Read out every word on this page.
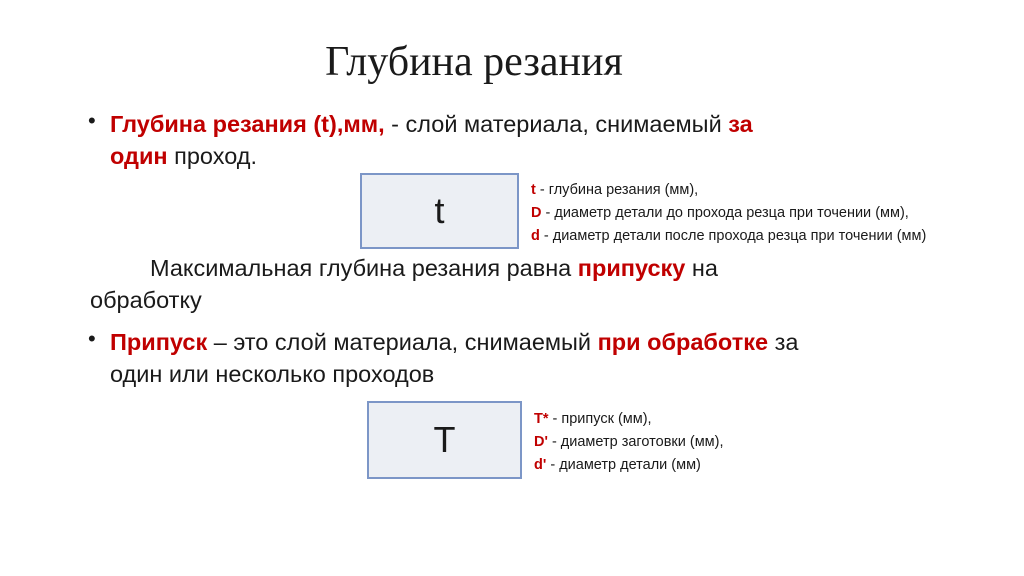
Глубина резания
• Глубина резания (t),мм, - слой материала, снимаемый за
один проход.
t	t - глубина резания (мм),
D - диаметр детали до прохода резца при точении (мм),
d - диаметр детали после прохода резца при точении (мм)
Максимальная глубина резания равна припуску на
обработку
• Припуск – это слой материала, снимаемый при обработке за
один или несколько проходов
T	T* - припуск (мм),
D' - диаметр заготовки (мм),
d' - диаметр детали (мм)
